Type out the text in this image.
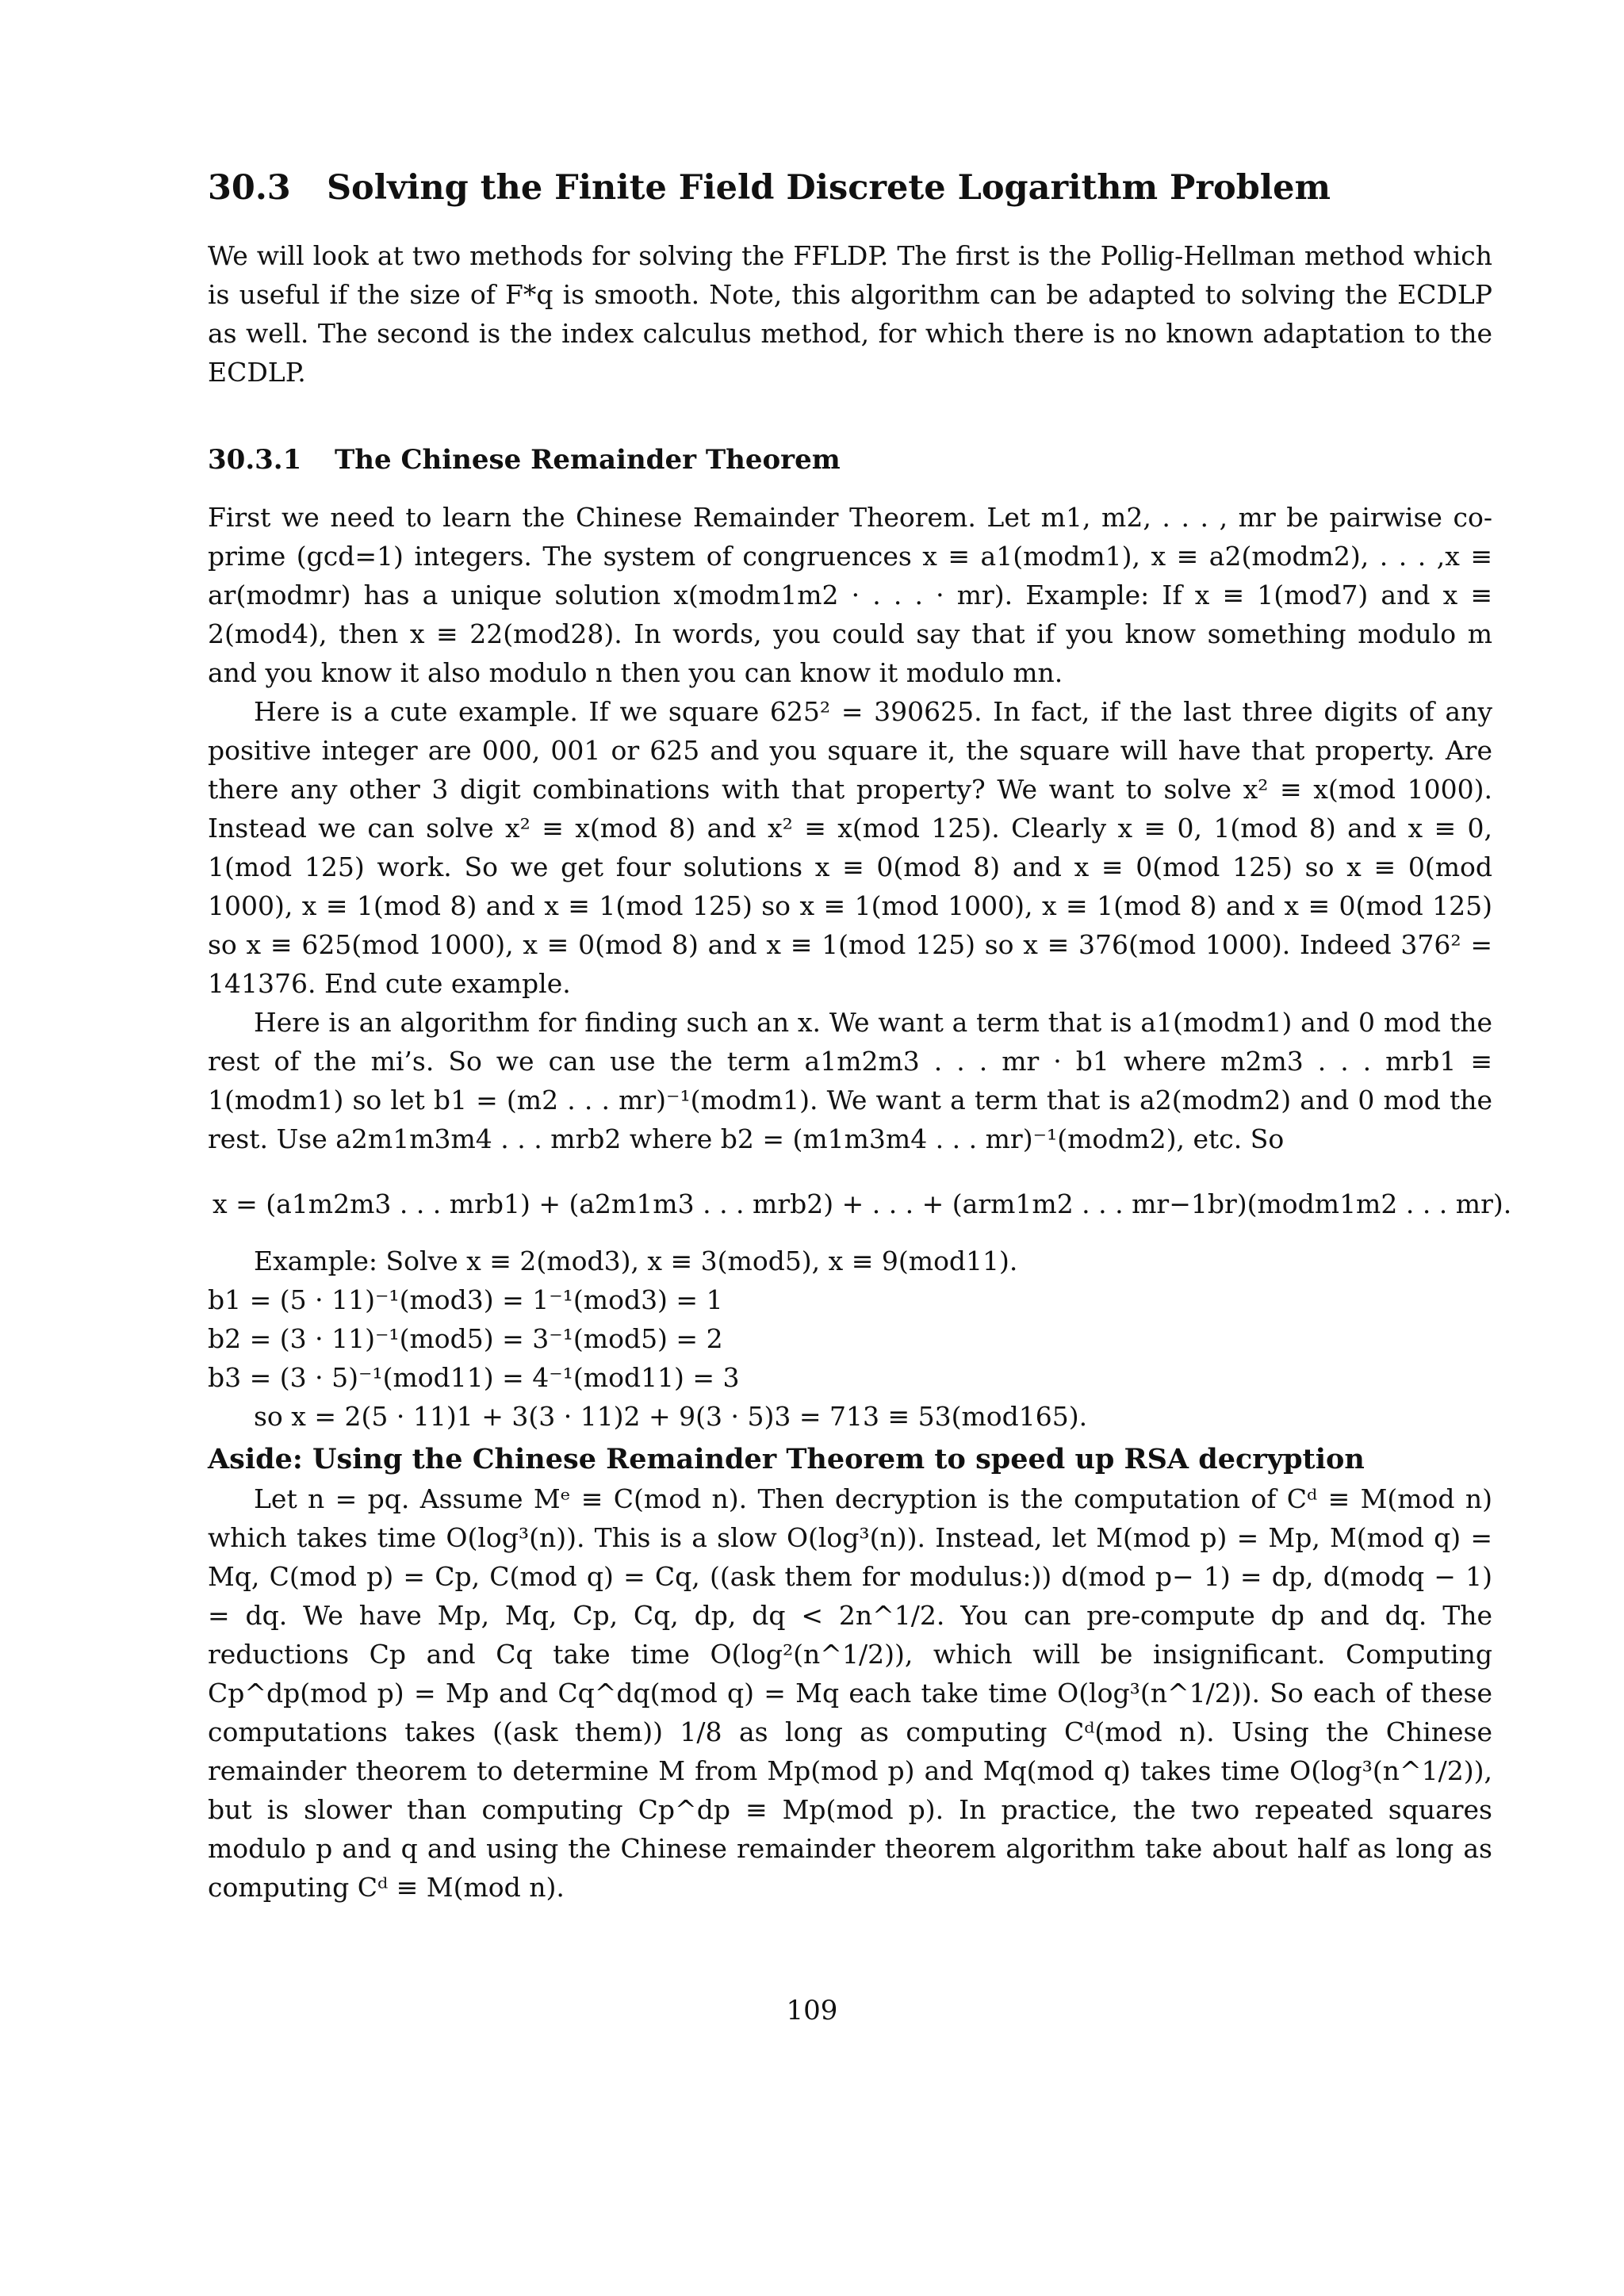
30.3 Solving the Finite Field Discrete Logarithm Problem

We will look at two methods for solving the FFLDP. The first is the Pollig-Hellman method which is useful if the size of F*q is smooth. Note, this algorithm can be adapted to solving the ECDLP as well. The second is the index calculus method, for which there is no known adaptation to the ECDLP.

30.3.1 The Chinese Remainder Theorem

First we need to learn the Chinese Remainder Theorem. Let m1, m2, . . . , mr be pairwise co-prime (gcd=1) integers. The system of congruences x ≡ a1(modm1), x ≡ a2(modm2), . . . ,x ≡ ar(modmr) has a unique solution x(modm1m2 · . . . · mr). Example: If x ≡ 1(mod7) and x ≡ 2(mod4), then x ≡ 22(mod28). In words, you could say that if you know something modulo m and you know it also modulo n then you can know it modulo mn.

Here is a cute example. If we square 625² = 390625. In fact, if the last three digits of any positive integer are 000, 001 or 625 and you square it, the square will have that property. Are there any other 3 digit combinations with that property? We want to solve x² ≡ x(mod 1000). Instead we can solve x² ≡ x(mod 8) and x² ≡ x(mod 125). Clearly x ≡ 0, 1(mod 8) and x ≡ 0, 1(mod 125) work. So we get four solutions x ≡ 0(mod 8) and x ≡ 0(mod 125) so x ≡ 0(mod 1000), x ≡ 1(mod 8) and x ≡ 1(mod 125) so x ≡ 1(mod 1000), x ≡ 1(mod 8) and x ≡ 0(mod 125) so x ≡ 625(mod 1000), x ≡ 0(mod 8) and x ≡ 1(mod 125) so x ≡ 376(mod 1000). Indeed 376² = 141376. End cute example.

Here is an algorithm for finding such an x. We want a term that is a1(modm1) and 0 mod the rest of the mi’s. So we can use the term a1m2m3 . . . mr · b1 where m2m3 . . . mrb1 ≡ 1(modm1) so let b1 = (m2 . . . mr)⁻¹(modm1). We want a term that is a2(modm2) and 0 mod the rest. Use a2m1m3m4 . . . mrb2 where b2 = (m1m3m4 . . . mr)⁻¹(modm2), etc. So

x = (a1m2m3 . . . mrb1) + (a2m1m3 . . . mrb2) + . . . + (arm1m2 . . . mr−1br)(modm1m2 . . . mr).

Example: Solve x ≡ 2(mod3), x ≡ 3(mod5), x ≡ 9(mod11).

b1 = (5 · 11)⁻¹(mod3) = 1⁻¹(mod3) = 1

b2 = (3 · 11)⁻¹(mod5) = 3⁻¹(mod5) = 2

b3 = (3 · 5)⁻¹(mod11) = 4⁻¹(mod11) = 3

so x = 2(5 · 11)1 + 3(3 · 11)2 + 9(3 · 5)3 = 713 ≡ 53(mod165).

Aside: Using the Chinese Remainder Theorem to speed up RSA decryption

Let n = pq. Assume Mᵉ ≡ C(mod n). Then decryption is the computation of Cᵈ ≡ M(mod n) which takes time O(log³(n)). This is a slow O(log³(n)). Instead, let M(mod p) = Mp, M(mod q) = Mq, C(mod p) = Cp, C(mod q) = Cq, ((ask them for modulus:)) d(mod p− 1) = dp, d(modq − 1) = dq. We have Mp, Mq, Cp, Cq, dp, dq < 2n^1/2. You can pre-compute dp and dq. The reductions Cp and Cq take time O(log²(n^1/2)), which will be insignificant. Computing Cp^dp(mod p) = Mp and Cq^dq(mod q) = Mq each take time O(log³(n^1/2)). So each of these computations takes ((ask them)) 1/8 as long as computing Cᵈ(mod n). Using the Chinese remainder theorem to determine M from Mp(mod p) and Mq(mod q) takes time O(log³(n^1/2)), but is slower than computing Cp^dp ≡ Mp(mod p). In practice, the two repeated squares modulo p and q and using the Chinese remainder theorem algorithm take about half as long as computing Cᵈ ≡ M(mod n).

109
